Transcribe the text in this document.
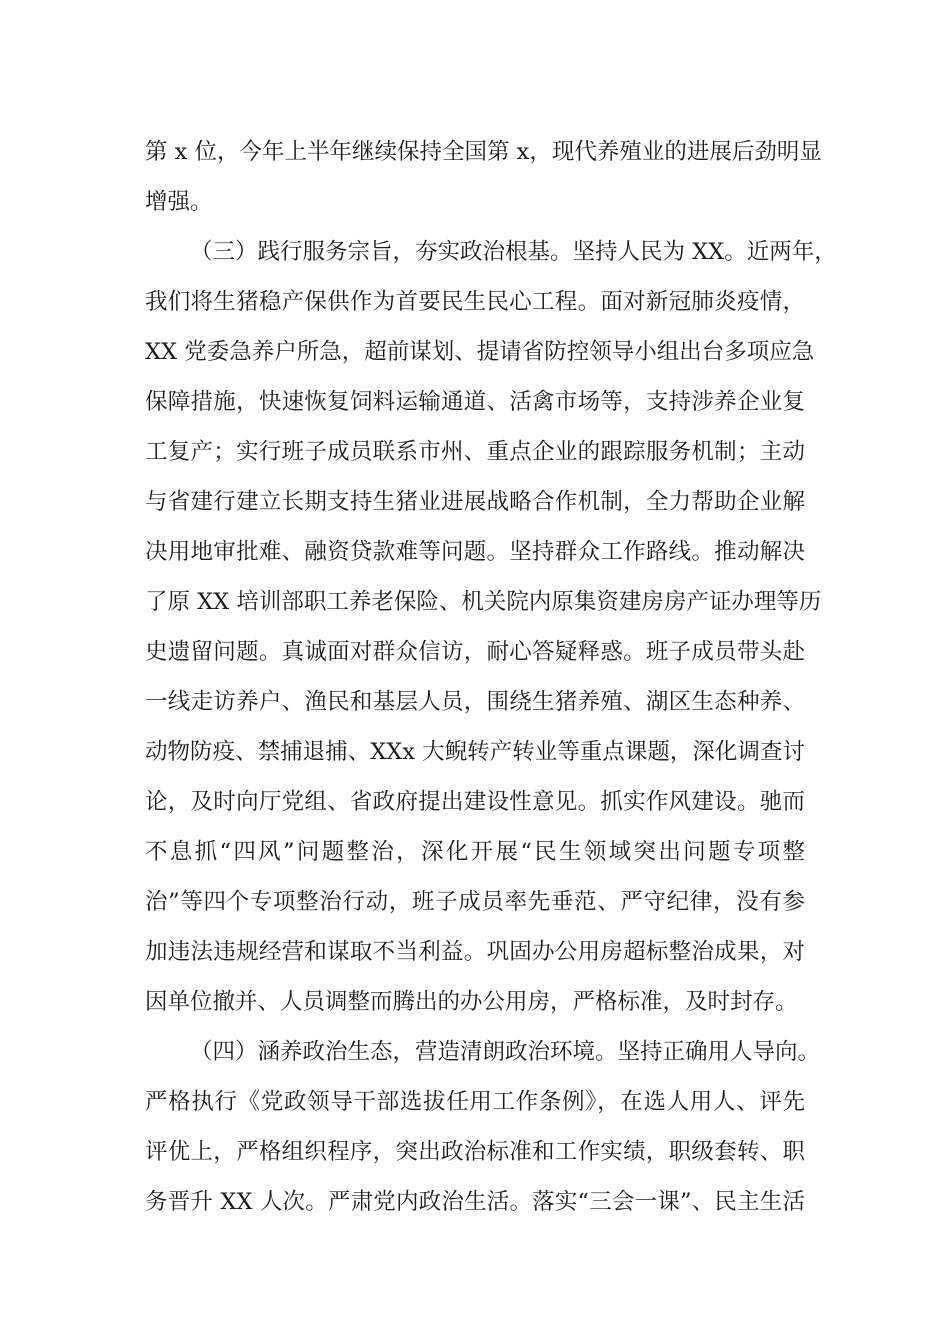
第 x 位，今年上半年继续保持全国第 x，现代养殖业的进展后劲明显
增强。
（三）践行服务宗旨，夯实政治根基。坚持人民为 XX。近两年，
我们将生猪稳产保供作为首要民生民心工程。面对新冠肺炎疫情，
XX 党委急养户所急，超前谋划、提请省防控领导小组出台多项应急
保障措施，快速恢复饲料运输通道、活禽市场等，支持涉养企业复
工复产；实行班子成员联系市州、重点企业的跟踪服务机制；主动
与省建行建立长期支持生猪业进展战略合作机制，全力帮助企业解
决用地审批难、融资贷款难等问题。坚持群众工作路线。推动解决
了原 XX 培训部职工养老保险、机关院内原集资建房房产证办理等历
史遗留问题。真诚面对群众信访，耐心答疑释惑。班子成员带头赴
一线走访养户、渔民和基层人员，围绕生猪养殖、湖区生态种养、
动物防疫、禁捕退捕、XXx 大鲵转产转业等重点课题，深化调查讨
论，及时向厅党组、省政府提出建设性意见。抓实作风建设。驰而
不息抓“四风”问题整治，深化开展“民生领域突出问题专项整
治”等四个专项整治行动，班子成员率先垂范、严守纪律，没有参
加违法违规经营和谋取不当利益。巩固办公用房超标整治成果，对
因单位撤并、人员调整而腾出的办公用房，严格标准，及时封存。
（四）涵养政治生态，营造清朗政治环境。坚持正确用人导向。
严格执行《党政领导干部选拔任用工作条例》，在选人用人、评先
评优上，严格组织程序，突出政治标准和工作实绩，职级套转、职
务晋升 XX 人次。严肃党内政治生活。落实“三会一课”、民主生活
